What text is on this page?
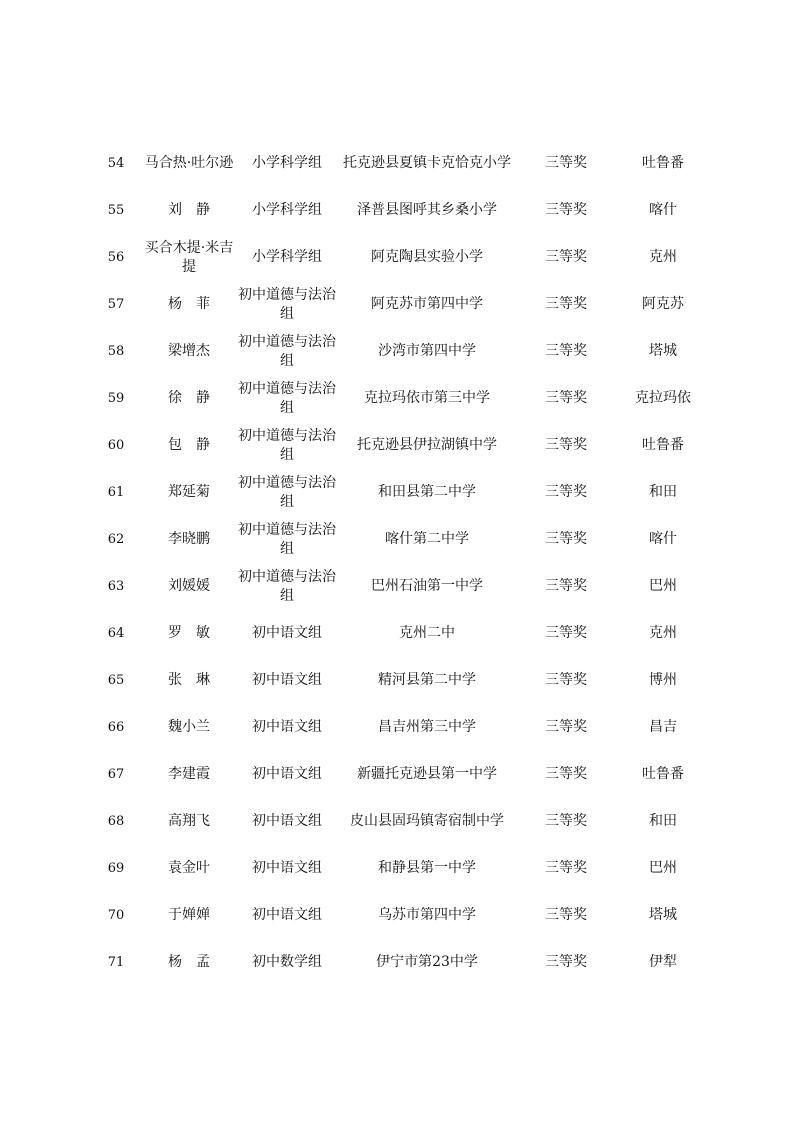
54	马合热·吐尔逊	小学科学组	托克逊县夏镇卡克恰克小学	三等奖	吐鲁番
55	刘　静	小学科学组	泽普县图呼其乡桑小学	三等奖	喀什
56	买合木提·米吉提	小学科学组	阿克陶县实验小学	三等奖	克州
57	杨　菲	初中道德与法治组	阿克苏市第四中学	三等奖	阿克苏
58	梁增杰	初中道德与法治组	沙湾市第四中学	三等奖	塔城
59	徐　静	初中道德与法治组	克拉玛依市第三中学	三等奖	克拉玛依
60	包　静	初中道德与法治组	托克逊县伊拉湖镇中学	三等奖	吐鲁番
61	郑延菊	初中道德与法治组	和田县第二中学	三等奖	和田
62	李晓鹏	初中道德与法治组	喀什第二中学	三等奖	喀什
63	刘媛媛	初中道德与法治组	巴州石油第一中学	三等奖	巴州
64	罗　敏	初中语文组	克州二中	三等奖	克州
65	张　琳	初中语文组	精河县第二中学	三等奖	博州
66	魏小兰	初中语文组	昌吉州第三中学	三等奖	昌吉
67	李建霞	初中语文组	新疆托克逊县第一中学	三等奖	吐鲁番
68	高翔飞	初中语文组	皮山县固玛镇寄宿制中学	三等奖	和田
69	袁金叶	初中语文组	和静县第一中学	三等奖	巴州
70	于婵婵	初中语文组	乌苏市第四中学	三等奖	塔城
71	杨　孟	初中数学组	伊宁市第23中学	三等奖	伊犁
